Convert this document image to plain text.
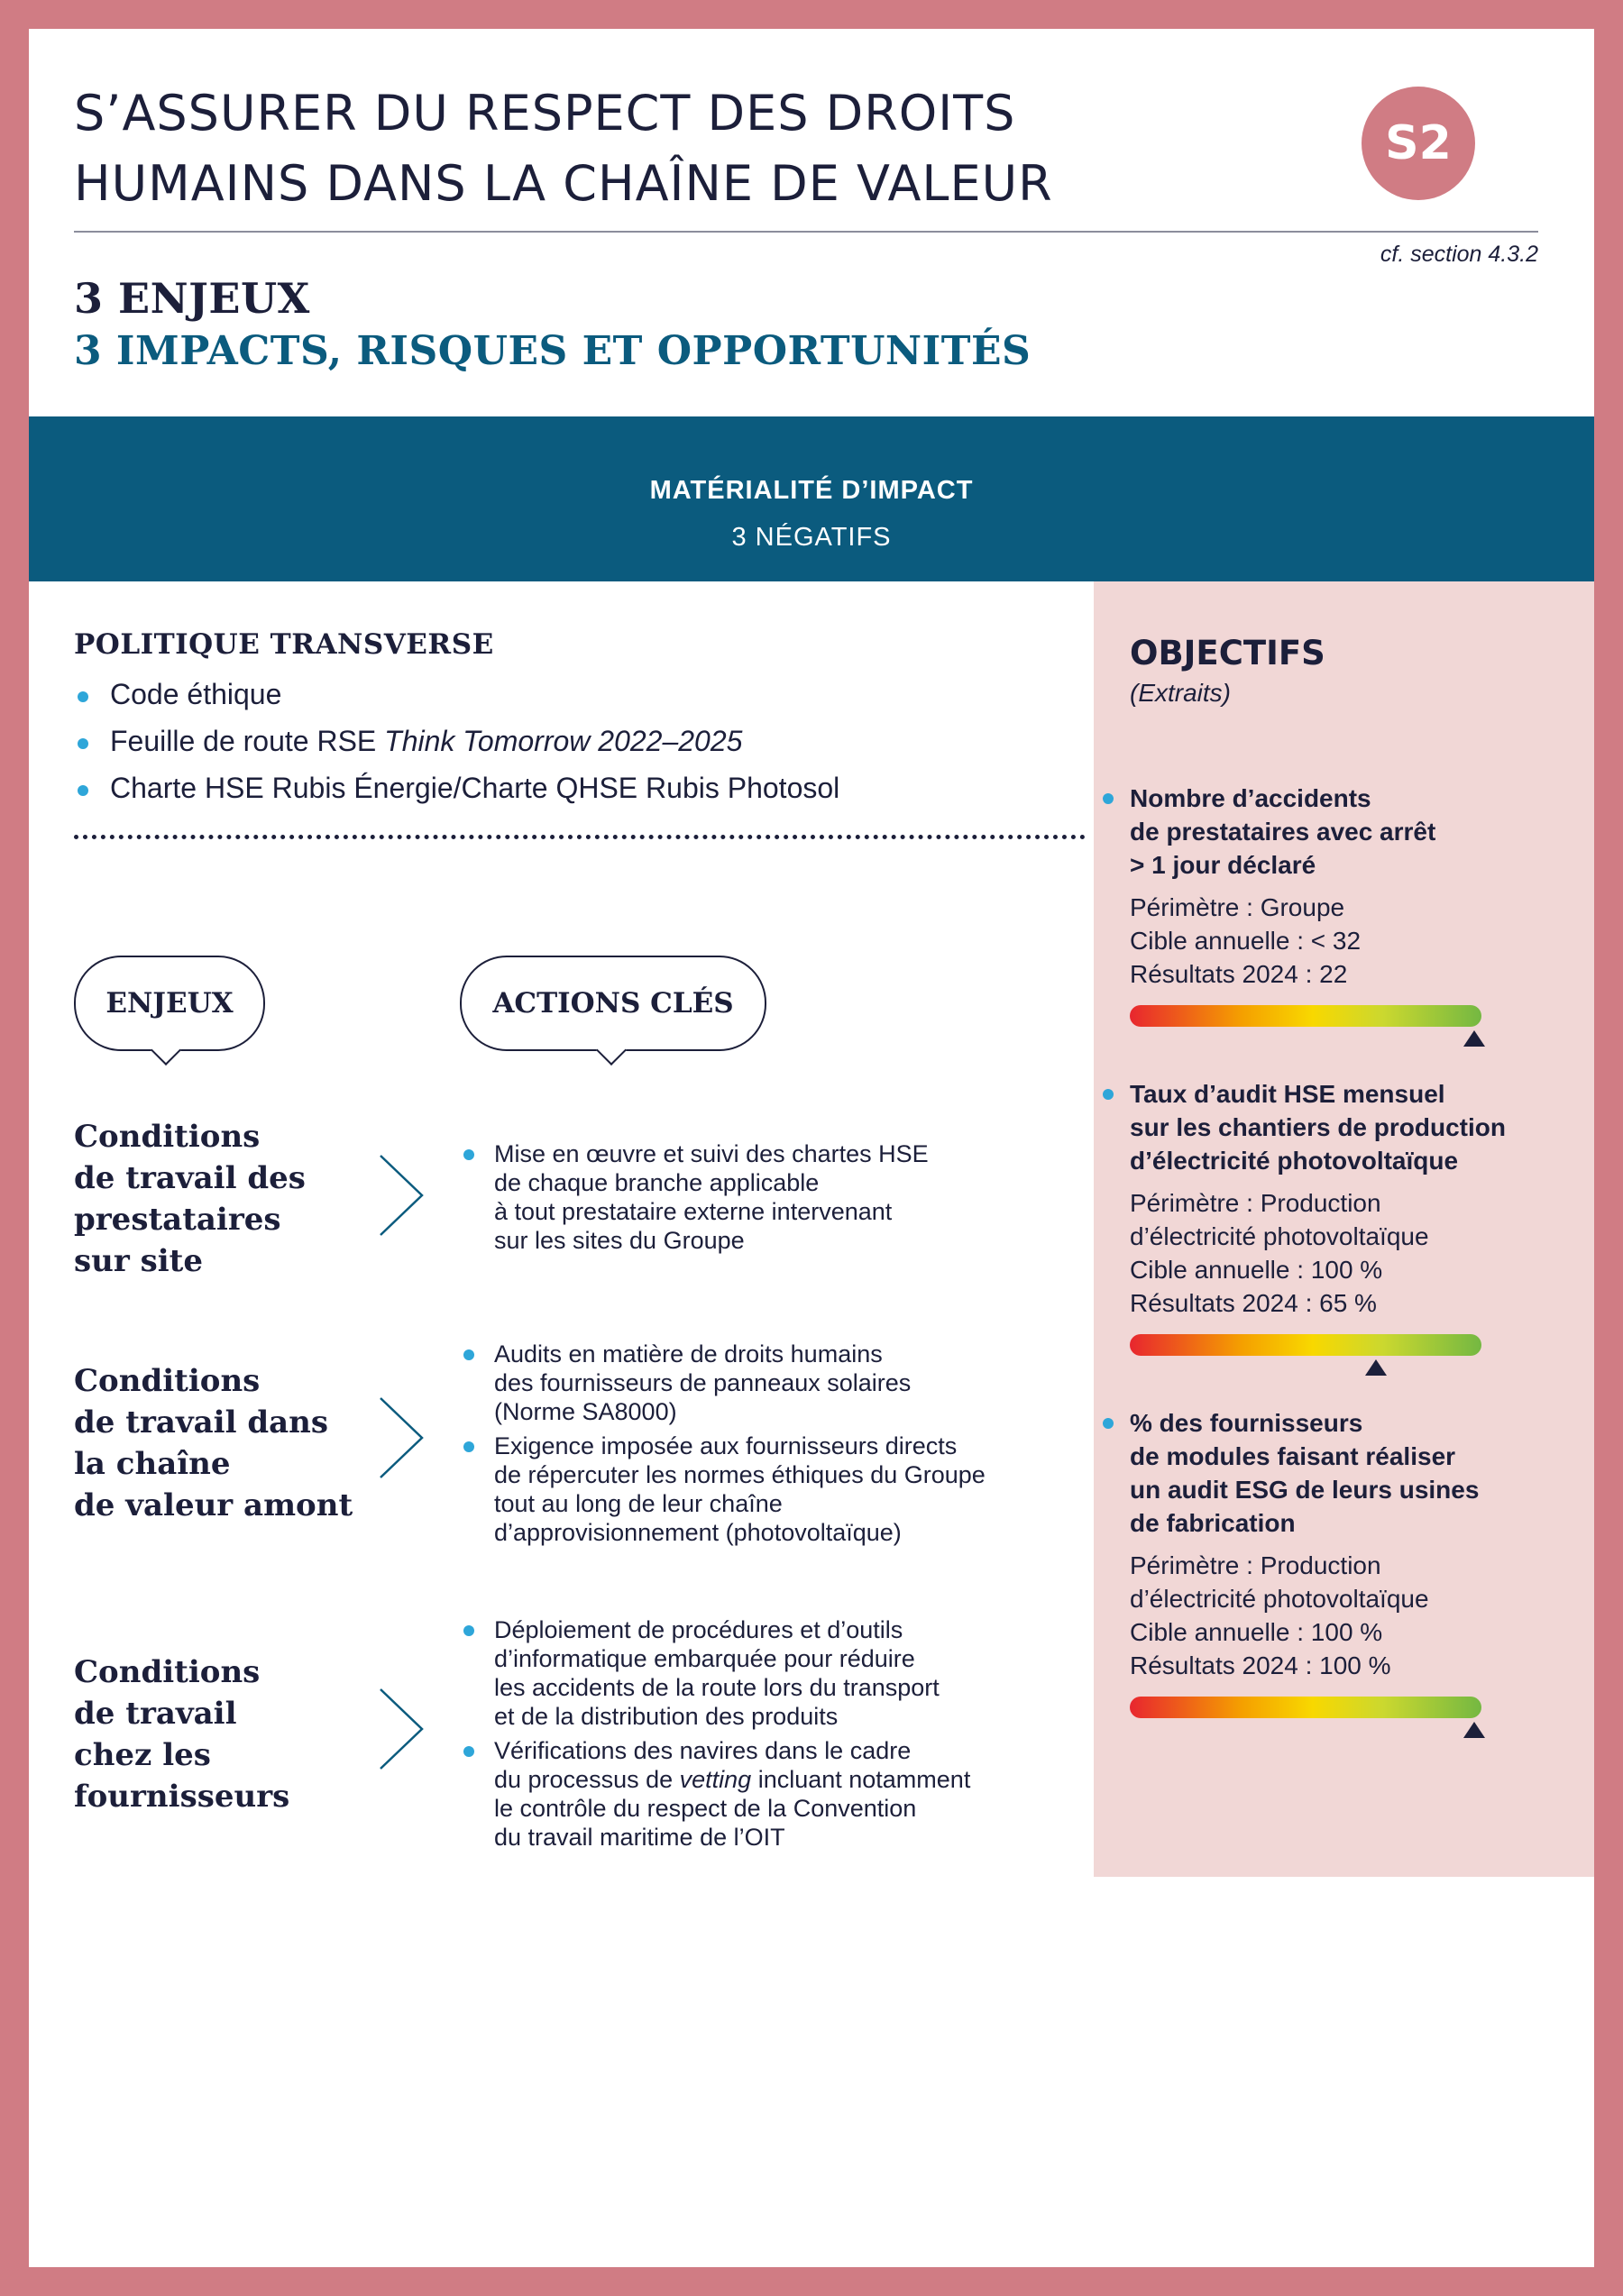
S’ASSURER DU RESPECT DES DROITS
HUMAINS DANS LA CHAÎNE DE VALEUR
S2
cf. section 4.3.2
3 ENJEUX
3 IMPACTS, RISQUES ET OPPORTUNITÉS
MATÉRIALITÉ D’IMPACT
3 NÉGATIFS
POLITIQUE TRANSVERSE
Code éthique
Feuille de route RSE Think Tomorrow 2022–2025
Charte HSE Rubis Énergie/Charte QHSE Rubis Photosol
ENJEUX	ACTIONS CLÉS
Conditions
de travail des
prestataires
sur site
Mise en œuvre et suivi des chartes HSE
de chaque branche applicable
à tout prestataire externe intervenant
sur les sites du Groupe
Conditions
de travail dans
la chaîne
de valeur amont
Audits en matière de droits humains
des fournisseurs de panneaux solaires
(Norme SA8000)
Exigence imposée aux fournisseurs directs
de répercuter les normes éthiques du Groupe
tout au long de leur chaîne
d’approvisionnement (photovoltaïque)
Conditions
de travail
chez les
fournisseurs
Déploiement de procédures et d’outils
d’informatique embarquée pour réduire
les accidents de la route lors du transport
et de la distribution des produits
Vérifications des navires dans le cadre
du processus de vetting incluant notamment
le contrôle du respect de la Convention
du travail maritime de l’OIT
OBJECTIFS
(Extraits)
Nombre d’accidents
de prestataires avec arrêt
> 1 jour déclaré
Périmètre : Groupe
Cible annuelle : < 32
Résultats 2024 : 22
Taux d’audit HSE mensuel
sur les chantiers de production
d’électricité photovoltaïque
Périmètre : Production
d’électricité photovoltaïque
Cible annuelle : 100 %
Résultats 2024 : 65 %
% des fournisseurs
de modules faisant réaliser
un audit ESG de leurs usines
de fabrication
Périmètre : Production
d’électricité photovoltaïque
Cible annuelle : 100 %
Résultats 2024 : 100 %
